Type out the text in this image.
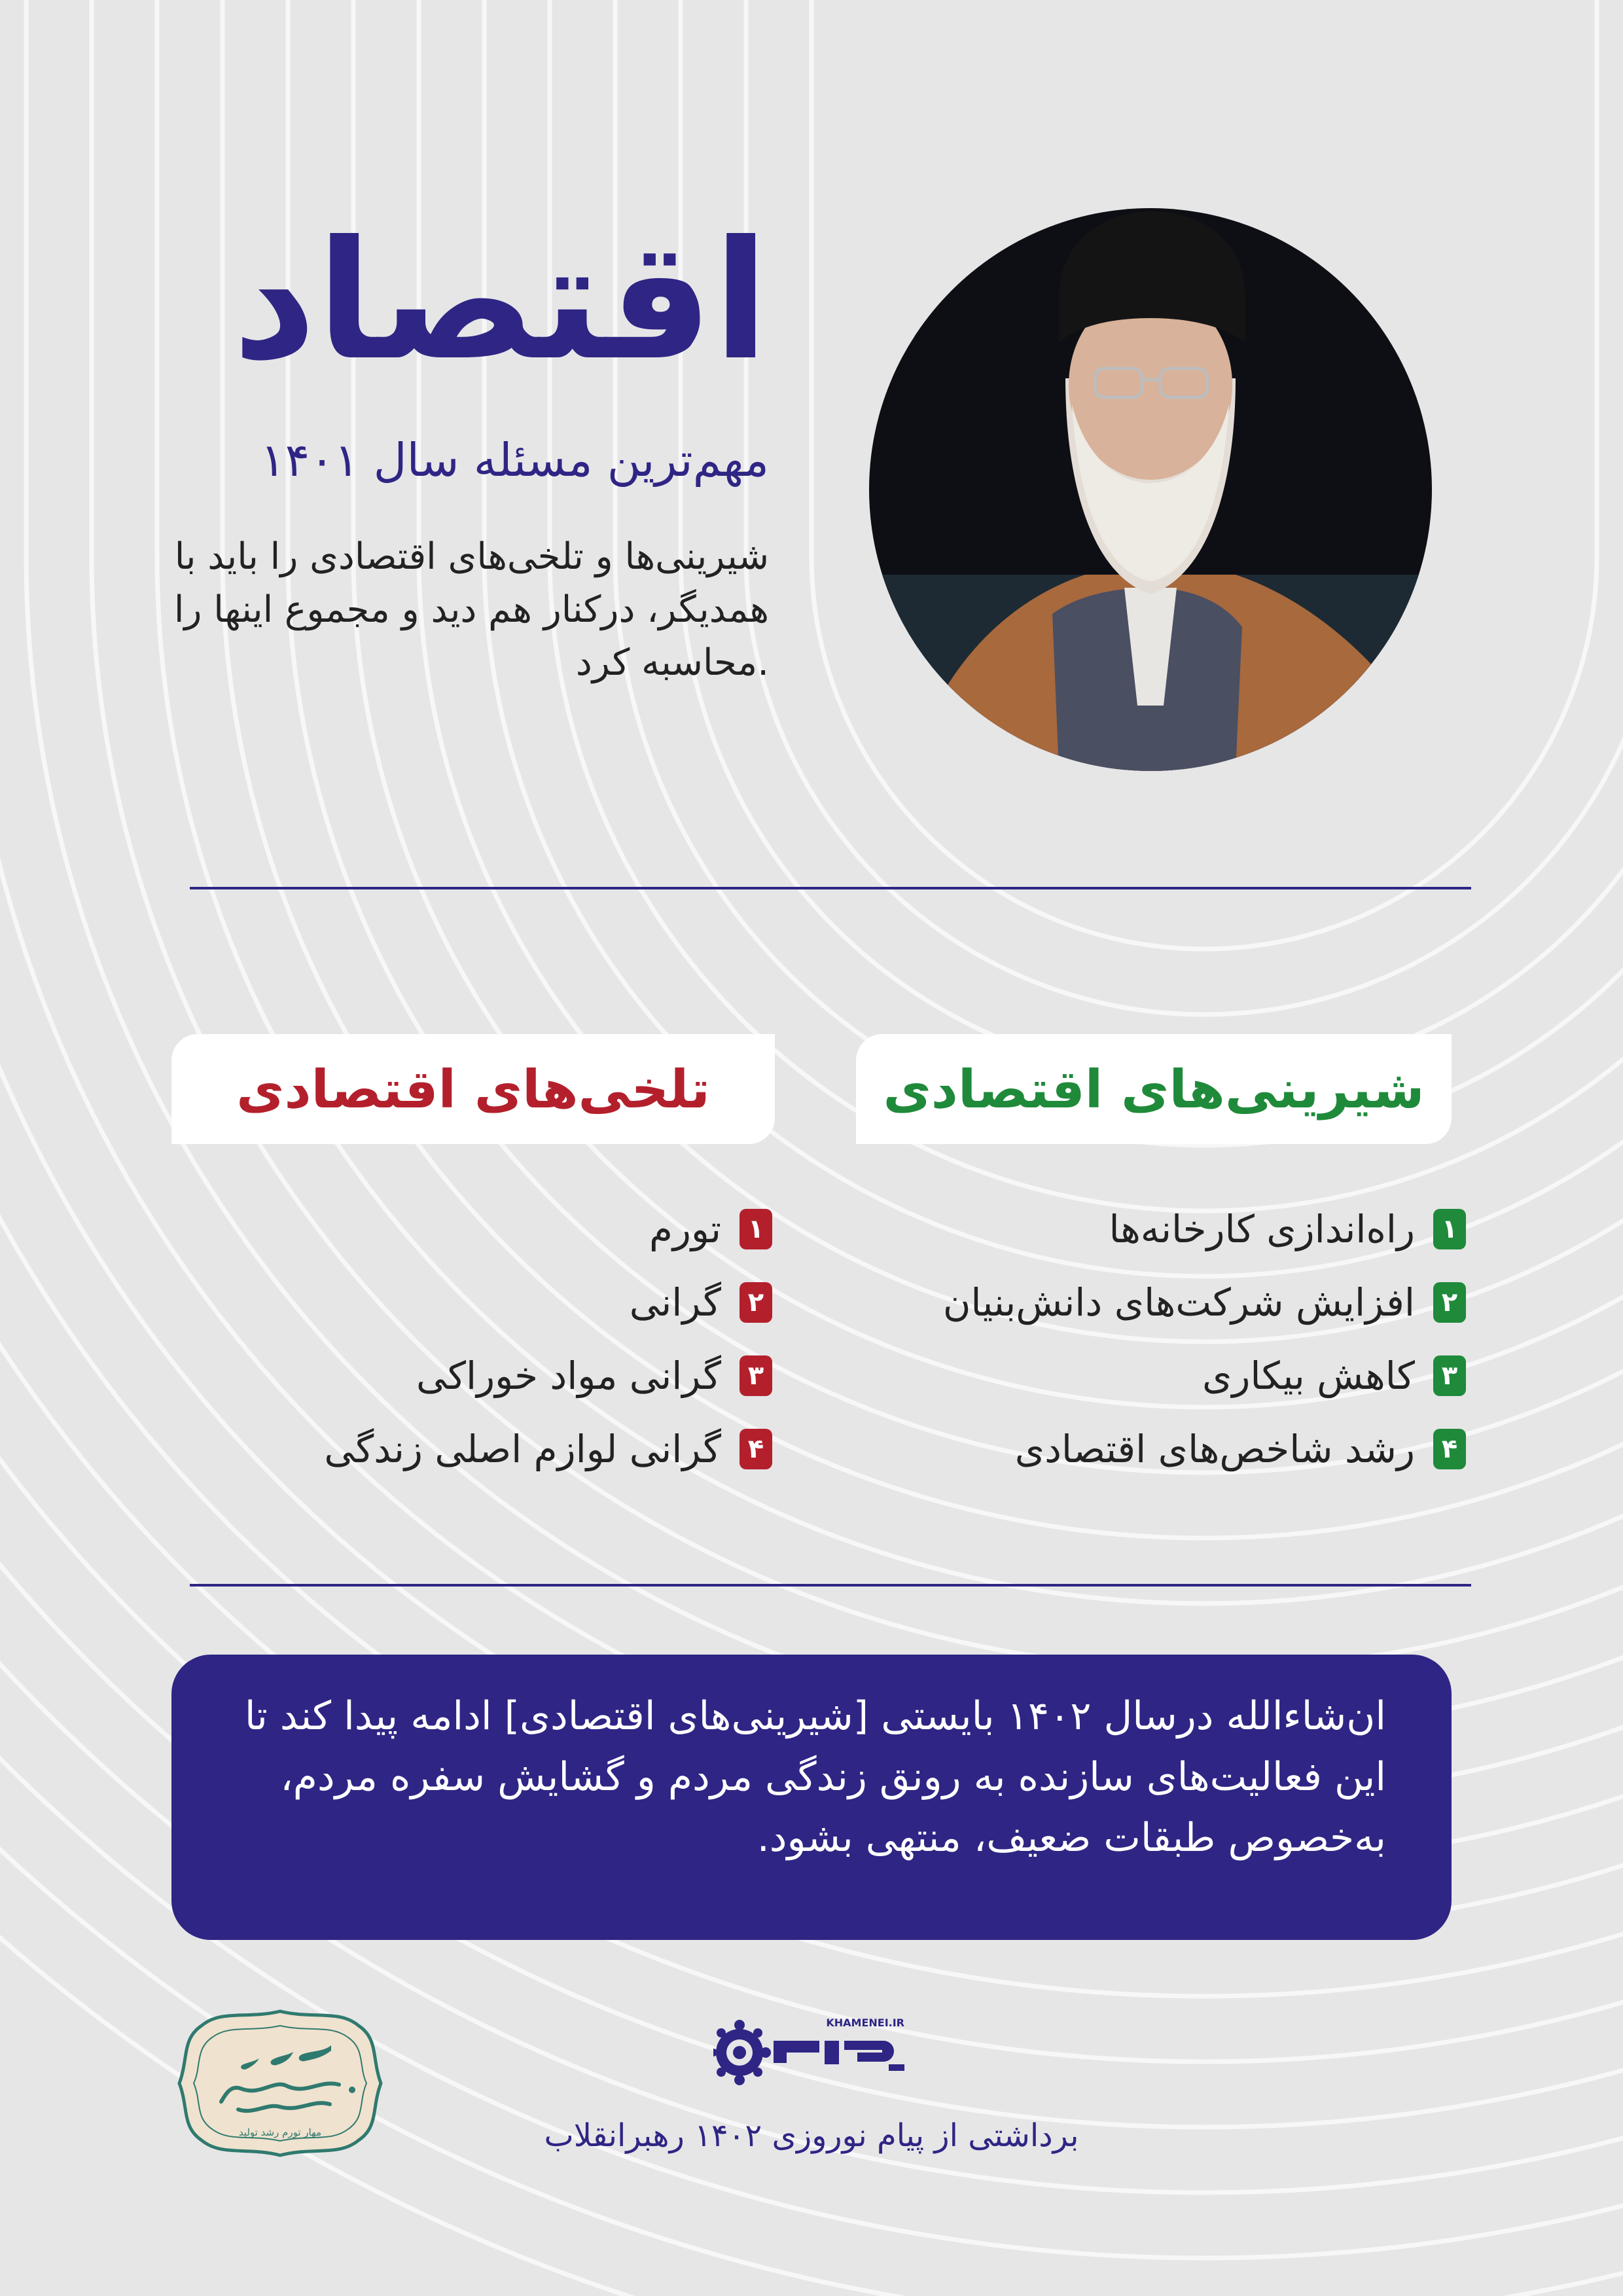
اقتصاد
مهم‌ترین مسئله سال ۱۴۰۱
شیرینی‌ها و تلخی‌های اقتصادی را باید با همدیگر، درکنار هم دید و مجموع اینها را محاسبه کرد.
شیرینی‌های اقتصادی
تلخی‌های اقتصادی
۱
راه‌اندازی کارخانه‌ها
۲
افزایش شرکت‌های دانش‌بنیان
۳
کاهش بیکاری
۴
رشد شاخص‌های اقتصادی
۱
تورم
۲
گرانی
۳
گرانی مواد خوراکی
۴
گرانی لوازم اصلی زندگی
ان‌شاءالله درسال ۱۴۰۲ بایستی [شیرینی‌های اقتصادی] ادامه پیدا کند تا این فعالیت‌های سازنده به رونق زندگی مردم و گشایش سفره مردم، به‌خصوص طبقات ضعیف، منتهی بشود.
مهار تورم رشد تولید
KHAMENEI.IR
برداشتی از پیام نوروزی ۱۴۰۲ رهبرانقلاب
